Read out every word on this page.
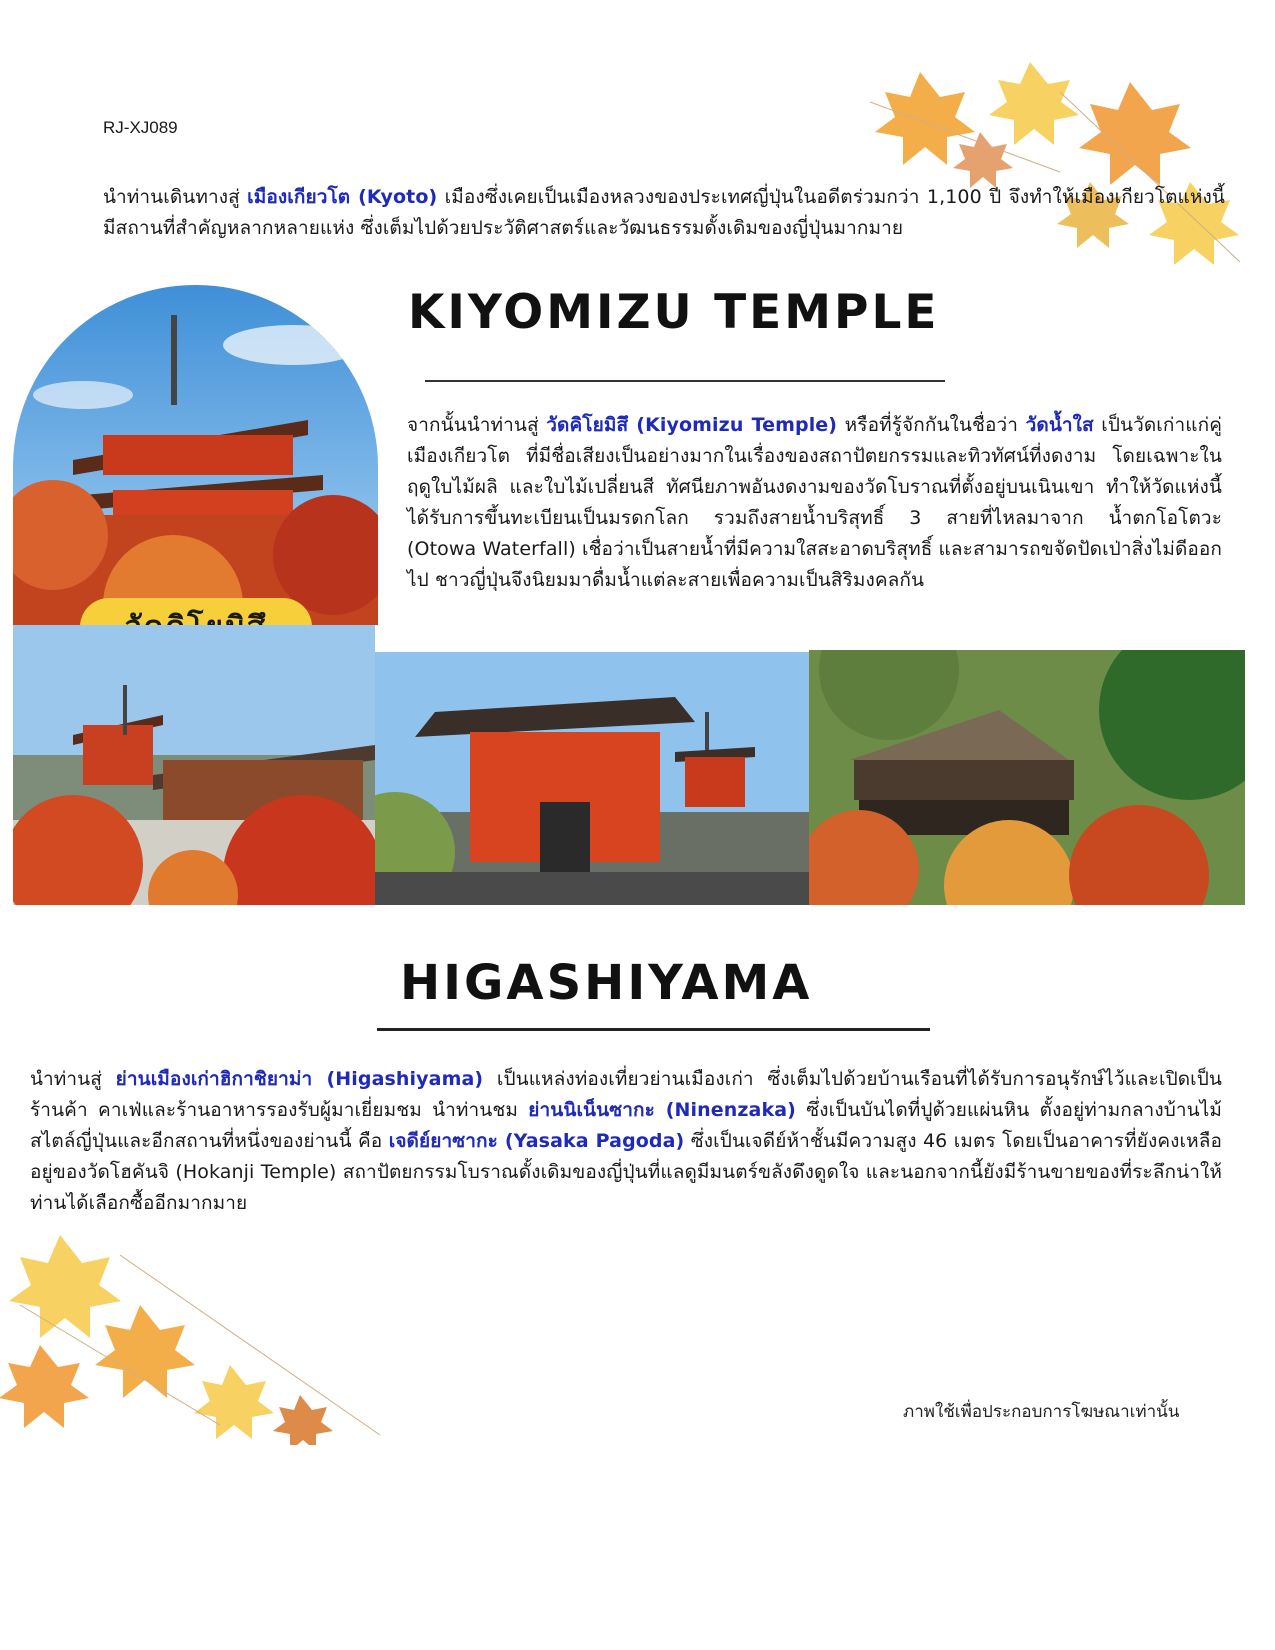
RJ-XJ089
นำท่านเดินทางสู่ เมืองเกียวโต (Kyoto) เมืองซึ่งเคยเป็นเมืองหลวงของประเทศญี่ปุ่นในอดีตร่วมกว่า 1,100 ปี จึงทำให้เมืองเกียวโตแห่งนี้มีสถานที่สำคัญหลากหลายแห่ง ซึ่งเต็มไปด้วยประวัติศาสตร์และวัฒนธรรมดั้งเดิมของญี่ปุ่นมากมาย
KIYOMIZU TEMPLE
จากนั้นนำท่านสู่ วัดคิโยมิสึ (Kiyomizu Temple) หรือที่รู้จักกันในชื่อว่า วัดน้ำใส เป็นวัดเก่าแก่คู่เมืองเกียวโต ที่มีชื่อเสียงเป็นอย่างมากในเรื่องของสถาปัตยกรรมและทิวทัศน์ที่งดงาม โดยเฉพาะในฤดูใบไม้ผลิ และใบไม้เปลี่ยนสี ทัศนียภาพอันงดงามของวัดโบราณที่ตั้งอยู่บนเนินเขา ทำให้วัดแห่งนี้ได้รับการขึ้นทะเบียนเป็นมรดกโลก รวมถึงสายน้ำบริสุทธิ์ 3 สายที่ไหลมาจาก น้ำตกโอโตวะ (Otowa Waterfall) เชื่อว่าเป็นสายน้ำที่มีความใสสะอาดบริสุทธิ์ และสามารถขจัดปัดเป่าสิ่งไม่ดีออกไป ชาวญี่ปุ่นจึงนิยมมาดื่มน้ำแต่ละสายเพื่อความเป็นสิริมงคลกัน
HIGASHIYAMA
นำท่านสู่ ย่านเมืองเก่าฮิกาชิยาม่า (Higashiyama) เป็นแหล่งท่องเที่ยวย่านเมืองเก่า ซึ่งเต็มไปด้วยบ้านเรือนที่ได้รับการอนุรักษ์ไว้และเปิดเป็นร้านค้า คาเฟ่และร้านอาหารรองรับผู้มาเยี่ยมชม นำท่านชม ย่านนิเน็นซากะ (Ninenzaka) ซึ่งเป็นบันไดที่ปูด้วยแผ่นหิน ตั้งอยู่ท่ามกลางบ้านไม้สไตล์ญี่ปุ่นและอีกสถานที่หนึ่งของย่านนี้ คือ เจดีย์ยาซากะ (Yasaka Pagoda) ซึ่งเป็นเจดีย์ห้าชั้นมีความสูง 46 เมตร โดยเป็นอาคารที่ยังคงเหลืออยู่ของวัดโฮคันจิ (Hokanji Temple) สถาปัตยกรรมโบราณดั้งเดิมของญี่ปุ่นที่แลดูมีมนตร์ขลังดึงดูดใจ และนอกจากนี้ยังมีร้านขายของที่ระลึกน่าให้ท่านได้เลือกซื้ออีกมากมาย
ภาพใช้เพื่อประกอบการโฆษณาเท่านั้น
